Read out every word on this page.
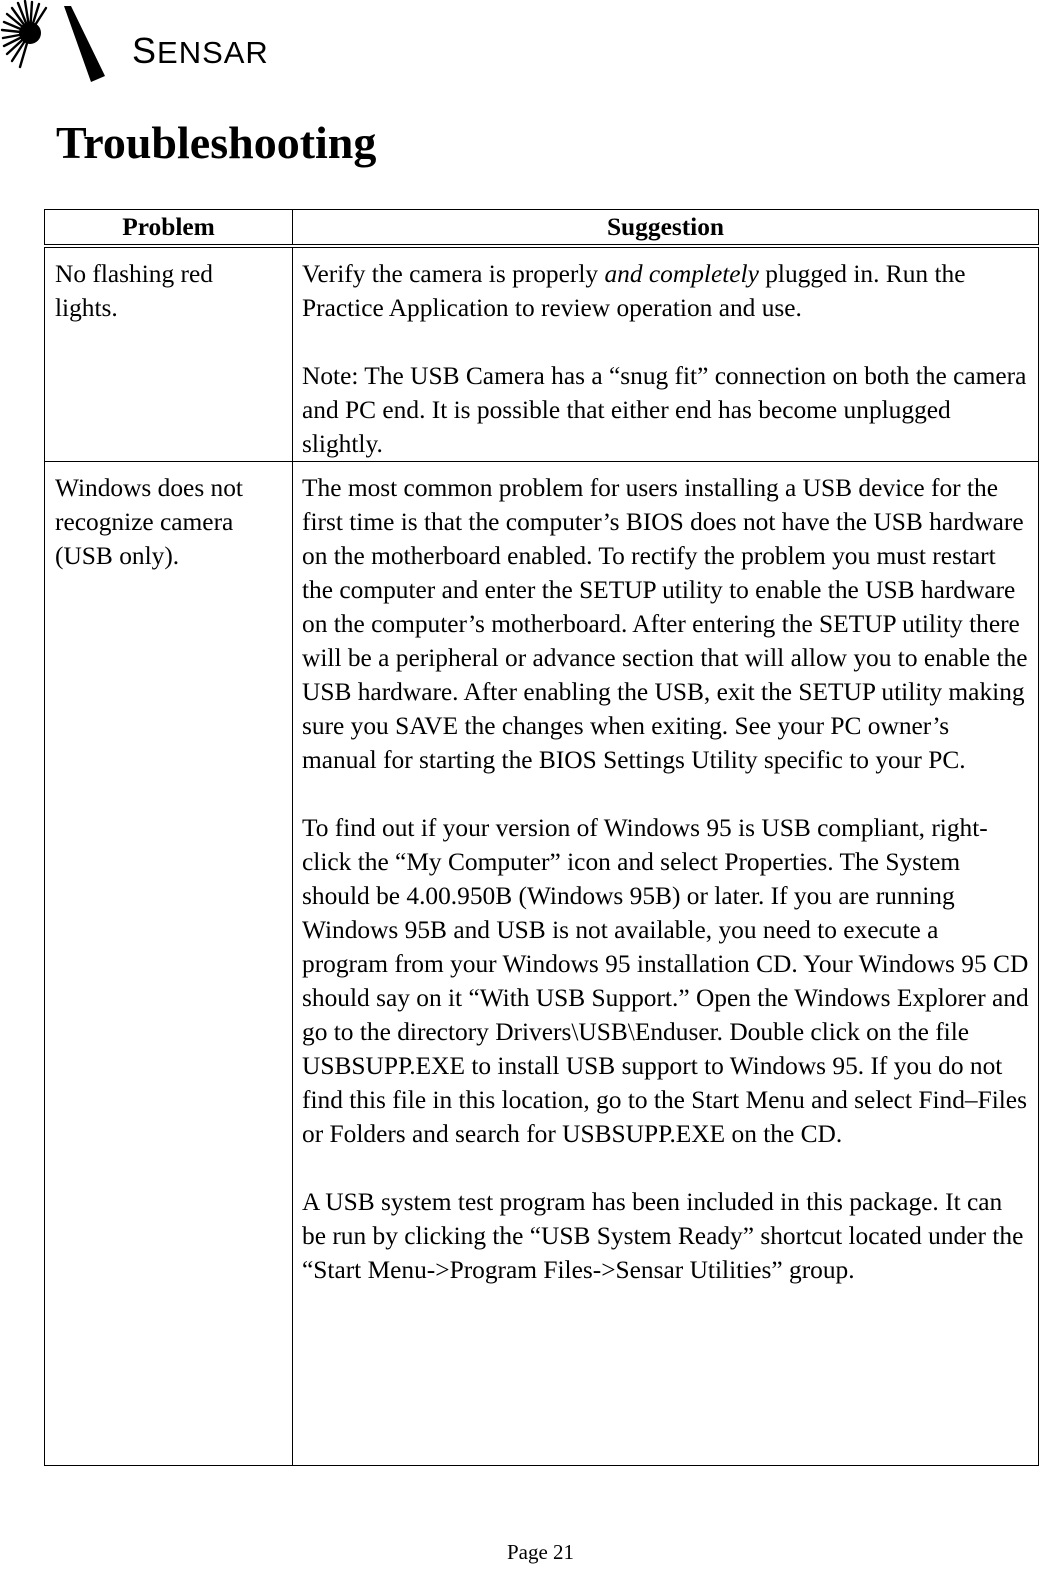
SENSAR
Troubleshooting
Problem	Suggestion
No flashing red lights.	Verify the camera is properly and completely plugged in. Run the Practice Application to review operation and use.

Note: The USB Camera has a “snug fit” connection on both the camera and PC end. It is possible that either end has become unplugged slightly.

Windows does not recognize camera (USB only).	The most common problem for users installing a USB device for the first time is that the computer’s BIOS does not have the USB hardware on the motherboard enabled. To rectify the problem you must restart the computer and enter the SETUP utility to enable the USB hardware on the computer’s motherboard. After entering the SETUP utility there will be a peripheral or advance section that will allow you to enable the USB hardware. After enabling the USB, exit the SETUP utility making sure you SAVE the changes when exiting. See your PC owner’s manual for starting the BIOS Settings Utility specific to your PC.

To find out if your version of Windows 95 is USB compliant, right-click the “My Computer” icon and select Properties. The System should be 4.00.950B (Windows 95B) or later. If you are running Windows 95B and USB is not available, you need to execute a program from your Windows 95 installation CD. Your Windows 95 CD should say on it “With USB Support.” Open the Windows Explorer and go to the directory Drivers\USB\Enduser. Double click on the file USBSUPP.EXE to install USB support to Windows 95. If you do not find this file in this location, go to the Start Menu and select Find–Files or Folders and search for USBSUPP.EXE on the CD.

A USB system test program has been included in this package. It can be run by clicking the “USB System Ready” shortcut located under the “Start Menu->Program Files->Sensar Utilities” group.

Page 21
